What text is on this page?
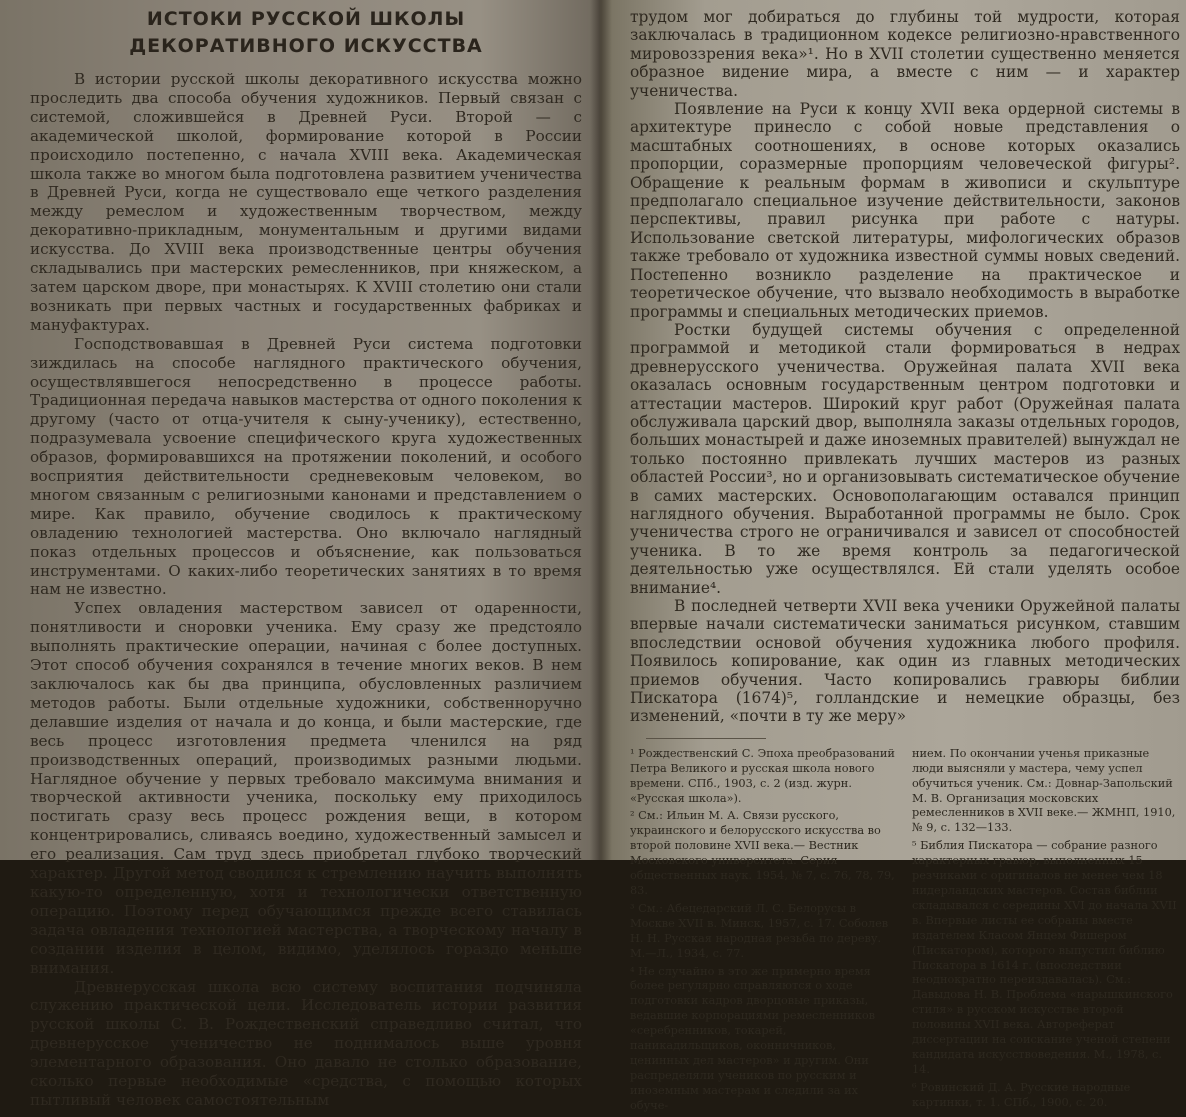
ИСТОКИ РУССКОЙ ШКОЛЫ
ДЕКОРАТИВНОГО ИСКУССТВА

В истории русской школы декоративного искусства можно проследить два способа обучения художников. Первый связан с системой, сложившейся в Древней Руси. Второй — с академической школой, формирование которой в России происходило постепенно, с начала XVIII века. Академическая школа также во многом была подготовлена развитием ученичества в Древней Руси, когда не существовало еще четкого разделения между ремеслом и художественным творчеством, между декоративно-прикладным, монументальным и другими видами искусства. До XVIII века производственные центры обучения складывались при мастерских ремесленников, при княжеском, а затем царском дворе, при монастырях. К XVIII столетию они стали возникать при первых частных и государственных фабриках и мануфактурах.

Господствовавшая в Древней Руси система подготовки зиждилась на способе наглядного практического обучения, осуществлявшегося непосредственно в процессе работы. Традиционная передача навыков мастерства от одного поколения к другому (часто от отца-учителя к сыну-ученику), естественно, подразумевала усвоение специфического круга художественных образов, формировавшихся на протяжении поколений, и особого восприятия действительности средневековым человеком, во многом связанным с религиозными канонами и представлением о мире. Как правило, обучение сводилось к практическому овладению технологией мастерства. Оно включало наглядный показ отдельных процессов и объяснение, как пользоваться инструментами. О каких-либо теоретических занятиях в то время нам не известно.

Успех овладения мастерством зависел от одаренности, понятливости и сноровки ученика. Ему сразу же предстояло выполнять практические операции, начиная с более доступных. Этот способ обучения сохранялся в течение многих веков. В нем заключалось как бы два принципа, обусловленных различием методов работы. Были отдельные художники, собственноручно делавшие изделия от начала и до конца, и были мастерские, где весь процесс изготовления предмета членился на ряд производственных операций, производимых разными людьми. Наглядное обучение у первых требовало максимума внимания и творческой активности ученика, поскольку ему приходилось постигать сразу весь процесс рождения вещи, в котором концентрировались, сливаясь воедино, художественный замысел и его реализация. Сам труд здесь приобретал глубоко творческий характер. Другой метод сводился к стремлению научить выполнять какую-то определенную, хотя и технологически ответственную операцию. Поэтому перед обучающимся прежде всего ставилась задача овладения технологией мастерства, а творческому началу в создании изделия в целом, видимо, уделялось гораздо меньше внимания.

Древнерусская школа всю систему воспитания подчиняла служению практической цели. Исследователь истории развития русской школы С. В. Рождественский справедливо считал, что древнерусское ученичество не поднималось выше уровня элементарного образования. Оно давало не столько образование, сколько первые необходимые «средства, с помощью которых пытливый человек самостоятельным

трудом мог добираться до глубины той мудрости, которая заключалась в традиционном кодексе религиозно-нравственного мировоззрения века»¹. Но в XVII столетии существенно меняется образное видение мира, а вместе с ним — и характер ученичества.

Появление на Руси к концу XVII века ордерной системы в архитектуре принесло с собой новые представления о масштабных соотношениях, в основе которых оказались пропорции, соразмерные пропорциям человеческой фигуры². Обращение к реальным формам в живописи и скульптуре предполагало специальное изучение действительности, законов перспективы, правил рисунка при работе с натуры. Использование светской литературы, мифологических образов также требовало от художника известной суммы новых сведений. Постепенно возникло разделение на практическое и теоретическое обучение, что вызвало необходимость в выработке программы и специальных методических приемов.

Ростки будущей системы обучения с определенной программой и методикой стали формироваться в недрах древнерусского ученичества. Оружейная палата XVII века оказалась основным государственным центром подготовки и аттестации мастеров. Широкий круг работ (Оружейная палата обслуживала царский двор, выполняла заказы отдельных городов, больших монастырей и даже иноземных правителей) вынуждал не только постоянно привлекать лучших мастеров из разных областей России³, но и организовывать систематическое обучение в самих мастерских. Основополагающим оставался принцип наглядного обучения. Выработанной программы не было. Срок ученичества строго не ограничивался и зависел от способностей ученика. В то же время контроль за педагогической деятельностью уже осуществлялся. Ей стали уделять особое внимание⁴.

В последней четверти XVII века ученики Оружейной палаты впервые начали систематически заниматься рисунком, ставшим впоследствии основой обучения художника любого профиля. Появилось копирование, как один из главных методических приемов обучения. Часто копировались гравюры библии Пискатора (1674)⁵, голландские и немецкие образцы, без изменений, «почти в ту же меру»

¹ Рождественский С. Эпоха преобразований Петра Великого и русская школа нового времени. СПб., 1903, с. 2 (изд. журн. «Русская школа»).

² См.: Ильин М. А. Связи русского, украинского и белорусского искусства во второй половине XVII века.— Вестник Московского университета. Серия общественных наук. 1954, № 7, с. 76, 78, 79, 83.

³ См.: Абецедарский Л. С. Белорусы в Москве XVII в. Минск, 1957, с. 17. Соболев Н. Н. Русская народная резьба по дереву. М.—Л., 1934, с. 77.

⁴ Не случайно в это же примерно время более регулярно справляются о ходе подготовки кадров дворцовые приказы, ведавшие корпорациями ремесленников «серебренников, токарей, паникадильщиков, оконничников, ценинных дел мастеров» и другим. Они распределяли учеников по русским и иноземным мастерам и следили за их обуче-

нием. По окончании ученья приказные люди выясняли у мастера, чему успел обучиться ученик. См.: Довнар-Запольский М. В. Организация московских ремесленников в XVII веке.— ЖМНП, 1910, № 9, с. 132—133.

⁵ Библия Пискатора — собрание разного характерных гравюр, выполненных 15 резчиками с оригиналов не менее чем 18 нидерландских мастеров. Состав библии складывался с середины XVI до начала XVII в. Впервые листы ее собраны вместе издателем Класом Янцем Фишером (Пискатором), которого выпустил библию Пискатора в 1614 г. (впоследствии неоднократно переиздавалась). См.: Давыдова Н. В. Проблема «нарышкинского стиля» в русском искусстве второй половины XVII века. Автореферат диссертации на соискание ученой степени кандидата искусствоведения. М., 1978, с. 14.

⁶ Ровинский Д. А. Русские народные картинки, т. 1. СПб., 1900, с. 20.
